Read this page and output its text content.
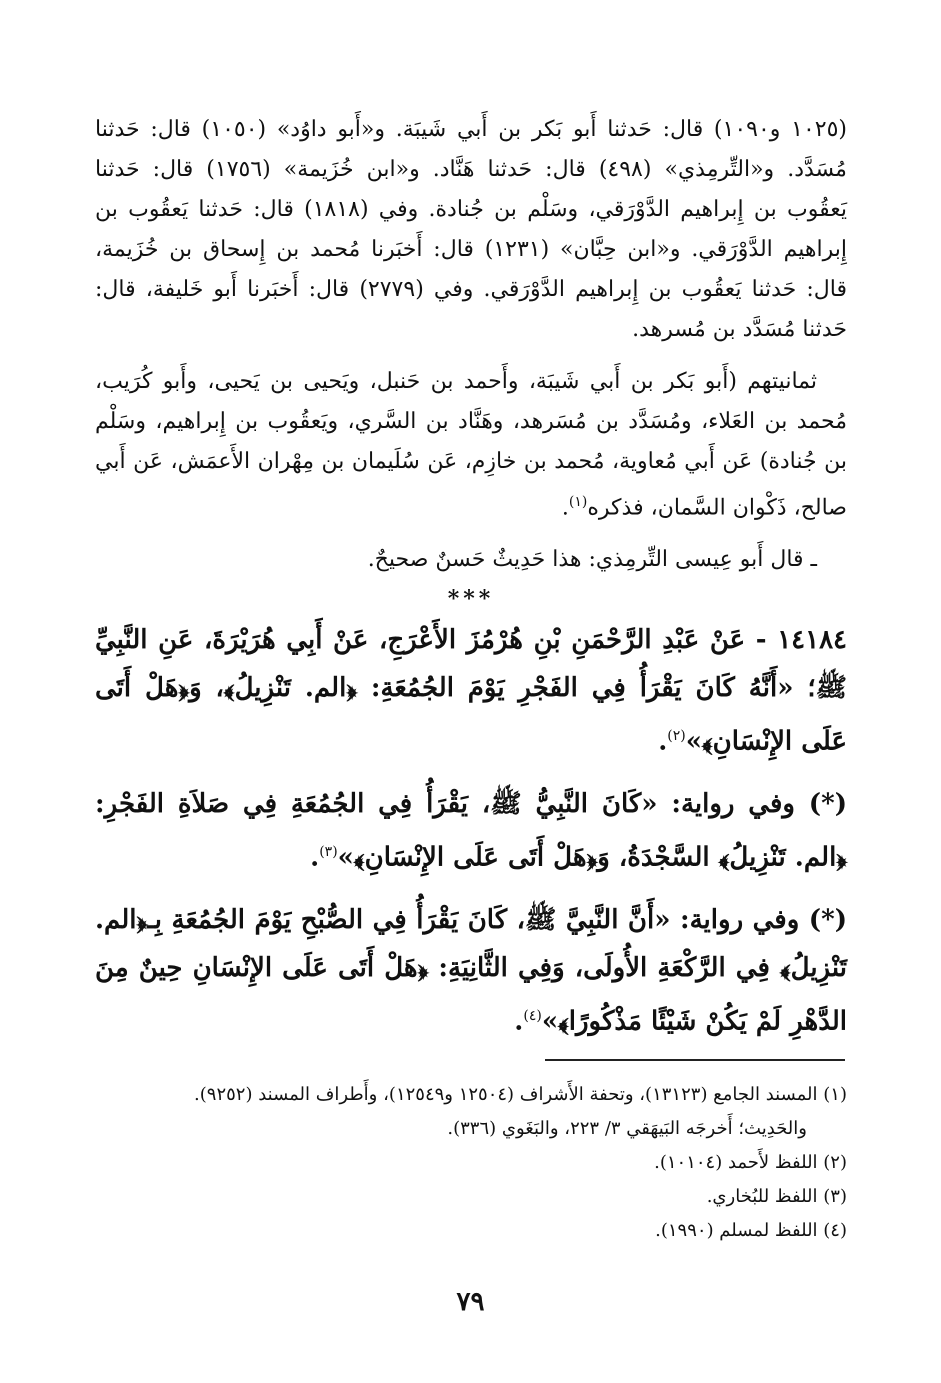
(١٠٢٥ و١٠٩٠) قال: حَدثنا أَبو بَكر بن أَبي شَيبَة. و«أَبو داوُد» (١٠٥٠) قال: حَدثنا مُسَدَّد. و«التِّرمِذي» (٤٩٨) قال: حَدثنا هَنَّاد. و«ابن خُزَيمة» (١٧٥٦) قال: حَدثنا يَعقُوب بن إِبراهيم الدَّوْرَقي، وسَلْم بن جُنادة. وفي (١٨١٨) قال: حَدثنا يَعقُوب بن إِبراهيم الدَّوْرَقي. و«ابن حِبَّان» (١٢٣١) قال: أَخبَرنا مُحمد بن إِسحاق بن خُزَيمة، قال: حَدثنا يَعقُوب بن إِبراهيم الدَّوْرَقي. وفي (٢٧٧٩) قال: أَخبَرنا أَبو خَليفة، قال: حَدثنا مُسَدَّد بن مُسرهد.

ثمانيتهم (أَبو بَكر بن أَبي شَيبَة، وأَحمد بن حَنبل، ويَحيى بن يَحيى، وأَبو كُرَيب، مُحمد بن العَلاء، ومُسَدَّد بن مُسَرهد، وهَنَّاد بن السَّري، ويَعقُوب بن إِبراهيم، وسَلْم بن جُنادة) عَن أَبي مُعاوية، مُحمد بن خازِم، عَن سُلَيمان بن مِهْران الأَعمَش، عَن أَبي صالح، ذَكْوان السَّمان، فذكره$^{(١)}$.

ـ قال أَبو عِيسى التِّرمِذي: هذا حَدِيثٌ حَسنٌ صحيحٌ.
***

١٤١٨٤ - عَنْ عَبْدِ الرَّحْمَنِ بْنِ هُرْمُزَ الأَعْرَجِ، عَنْ أَبِي هُرَيْرَةَ، عَنِ النَّبِيِّ ﷺ؛ «أَنَّهُ كَانَ يَقْرَأُ فِي الفَجْرِ يَوْمَ الجُمُعَةِ: ﴿الم. تَنْزِيلُ﴾، وَ﴿هَلْ أَتَى عَلَى الإِنْسَانِ﴾»$^{(٢)}$.

(*) وفي رواية: «كَانَ النَّبِيُّ ﷺ، يَقْرَأُ فِي الجُمُعَةِ فِي صَلاَةِ الفَجْرِ: ﴿الم. تَنْزِيلُ﴾ السَّجْدَةُ، وَ﴿هَلْ أَتَى عَلَى الإِنْسَانِ﴾»$^{(٣)}$.

(*) وفي رواية: «أَنَّ النَّبِيَّ ﷺ، كَانَ يَقْرَأُ فِي الصُّبْحِ يَوْمَ الجُمُعَةِ بِـ﴿الم. تَنْزِيلُ﴾ فِي الرَّكْعَةِ الأُولَى، وَفِي الثَّانِيَةِ: ﴿هَلْ أَتَى عَلَى الإِنْسَانِ حِينٌ مِنَ الدَّهْرِ لَمْ يَكُنْ شَيْئًا مَذْكُورًا﴾»$^{(٤)}$.

(١) المسند الجامع (١٣١٢٣)، وتحفة الأَشراف (١٢٥٠٤ و١٢٥٤٩)، وأَطراف المسند (٩٢٥٢).

والحَدِيث؛ أَخرجَه البَيهَقي ٣/ ٢٢٣، والبَغَوي (٣٣٦).

(٢) اللفظ لأَحمد (١٠١٠٤).

(٣) اللفظ للبُخاري.

(٤) اللفظ لمسلم (١٩٩٠).

٧٩
